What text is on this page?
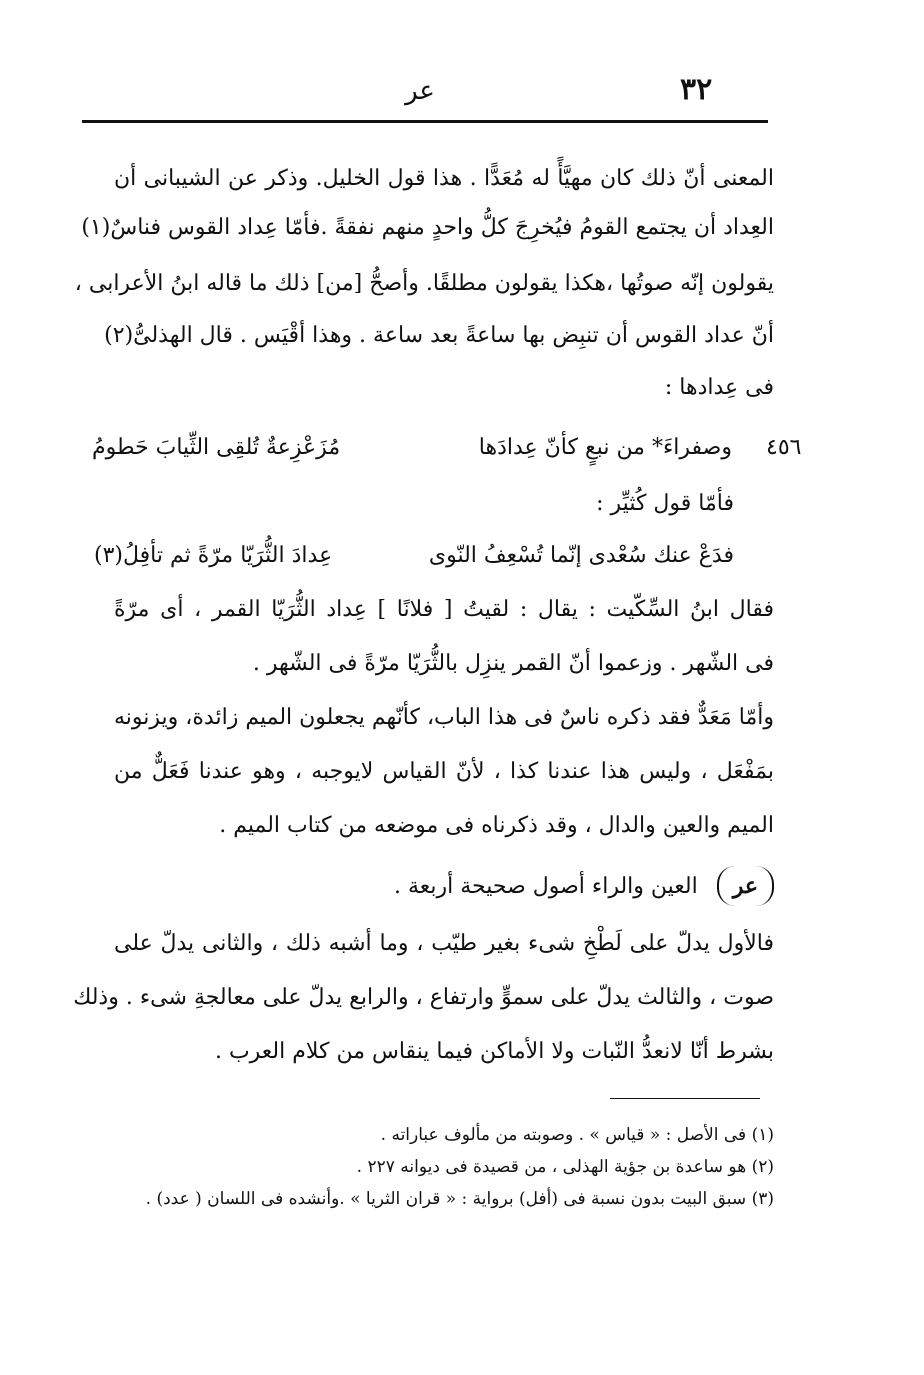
٣٢
عر
المعنى أنّ ذلك كان مهيَّأً له مُعَدًّا . هذا قول الخليل. وذكر عن الشيبانى أن
العِداد أن يجتمع القومُ فيُخرِجَ كلُّ واحدٍ منهم نفقةً .فأمّا عِداد القوس فناسٌ(١)
يقولون إنّه صوتُها ،هكذا يقولون مطلقًا. وأصحُّ [من] ذلك ما قاله ابنُ الأعرابى ،
أنّ عداد القوس أن تنبِض بها ساعةً بعد ساعة . وهذا أقْيَس . قال الهذلىُّ(٢)
فى عِدادها :
٤٥٦
وصفراءَ* من نبعٍ كأنّ عِدادَها
مُزَعْزِعةٌ تُلقِى الثِّيابَ حَطومُ
فأمّا قول كُثيِّر :
فدَعْ عنك سُعْدى إنّما تُسْعِفُ النّوى
عِدادَ الثُّرَيّا مرّةً ثم تأفِلُ(٣)
فقال ابنُ السِّكّيت : يقال : لقيتُ [ فلانًا ] عِداد الثُّرَيّا القمر ، أى مرّةً
فى الشّهر . وزعموا أنّ القمر ينزِل بالثُّرَيّا مرّةً فى الشّهر .
وأمّا مَعَدٌّ فقد ذكره ناسٌ فى هذا الباب، كأنّهم يجعلون الميم زائدة، ويزنونه
بمَفْعَل ، وليس هذا عندنا كذا ، لأنّ القياس لايوجبه ، وهو عندنا فَعَلٌّ من
الميم والعين والدال ، وقد ذكرناه فى موضعه من كتاب الميم .
عر العين والراء أصول صحيحة أربعة .
فالأول يدلّ على لَطْخِ شىء بغير طيّب ، وما أشبه ذلك ، والثانى يدلّ على
صوت ، والثالث يدلّ على سموٍّ وارتفاع ، والرابع يدلّ على معالجةِ شىء . وذلك
بشرط أنّا لانعدُّ النّبات ولا الأماكن فيما ينقاس من كلام العرب .
(١) فى الأصل : « قياس » . وصوبته من مألوف عباراته .
(٢) هو ساعدة بن جؤية الهذلى ، من قصيدة فى ديوانه ٢٢٧ .
(٣) سبق البيت بدون نسبة فى (أفل) برواية : « قران الثريا » .وأنشده فى اللسان ( عدد) .
